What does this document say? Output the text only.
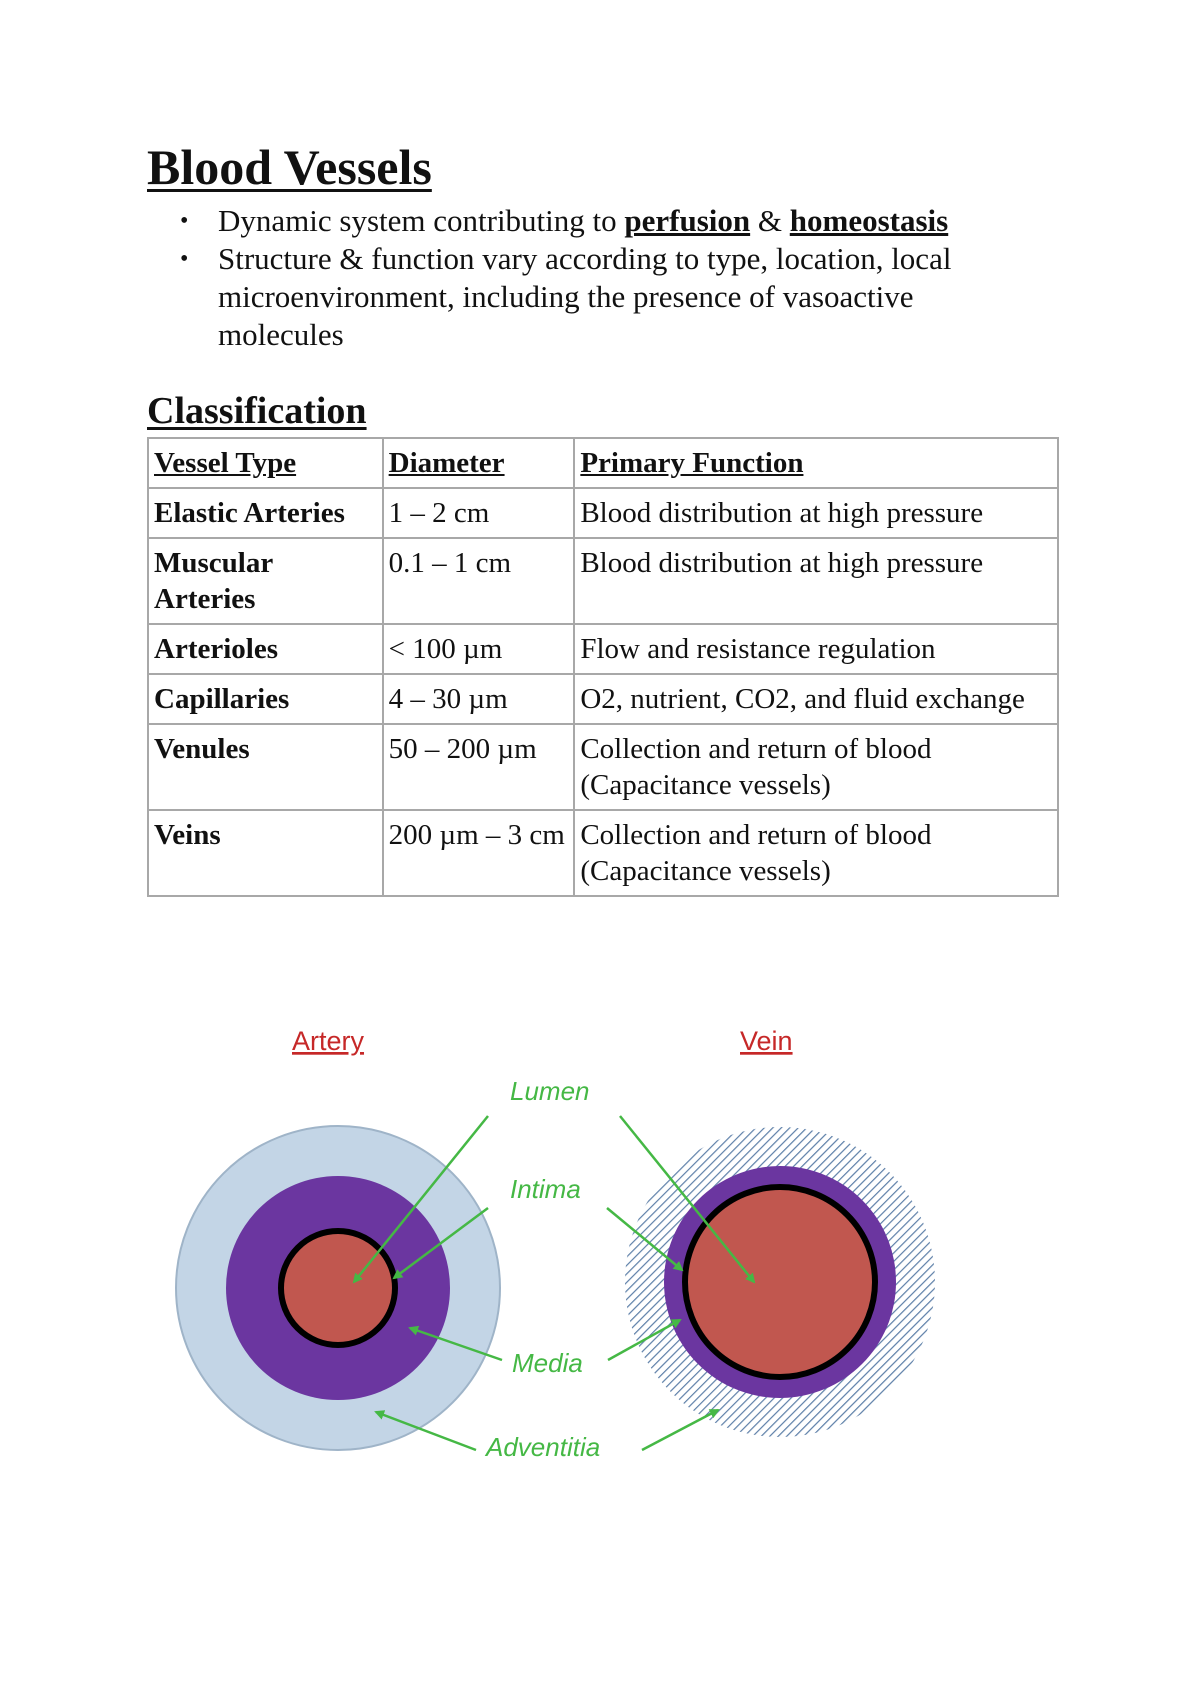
Blood Vessels
• Dynamic system contributing to perfusion & homeostasis
• Structure & function vary according to type, location, local microenvironment, including the presence of vasoactive molecules
Classification
Vessel Type	Diameter	Primary Function
Elastic Arteries	1 – 2 cm	Blood distribution at high pressure
Muscular Arteries	0.1 – 1 cm	Blood distribution at high pressure
Arterioles	< 100 µm	Flow and resistance regulation
Capillaries	4 – 30 µm	O2, nutrient, CO2, and fluid exchange
Venules	50 – 200 µm	Collection and return of blood (Capacitance vessels)
Veins	200 µm – 3 cm	Collection and return of blood (Capacitance vessels)
Artery	Vein
Lumen
Intima
Media
Adventitia
